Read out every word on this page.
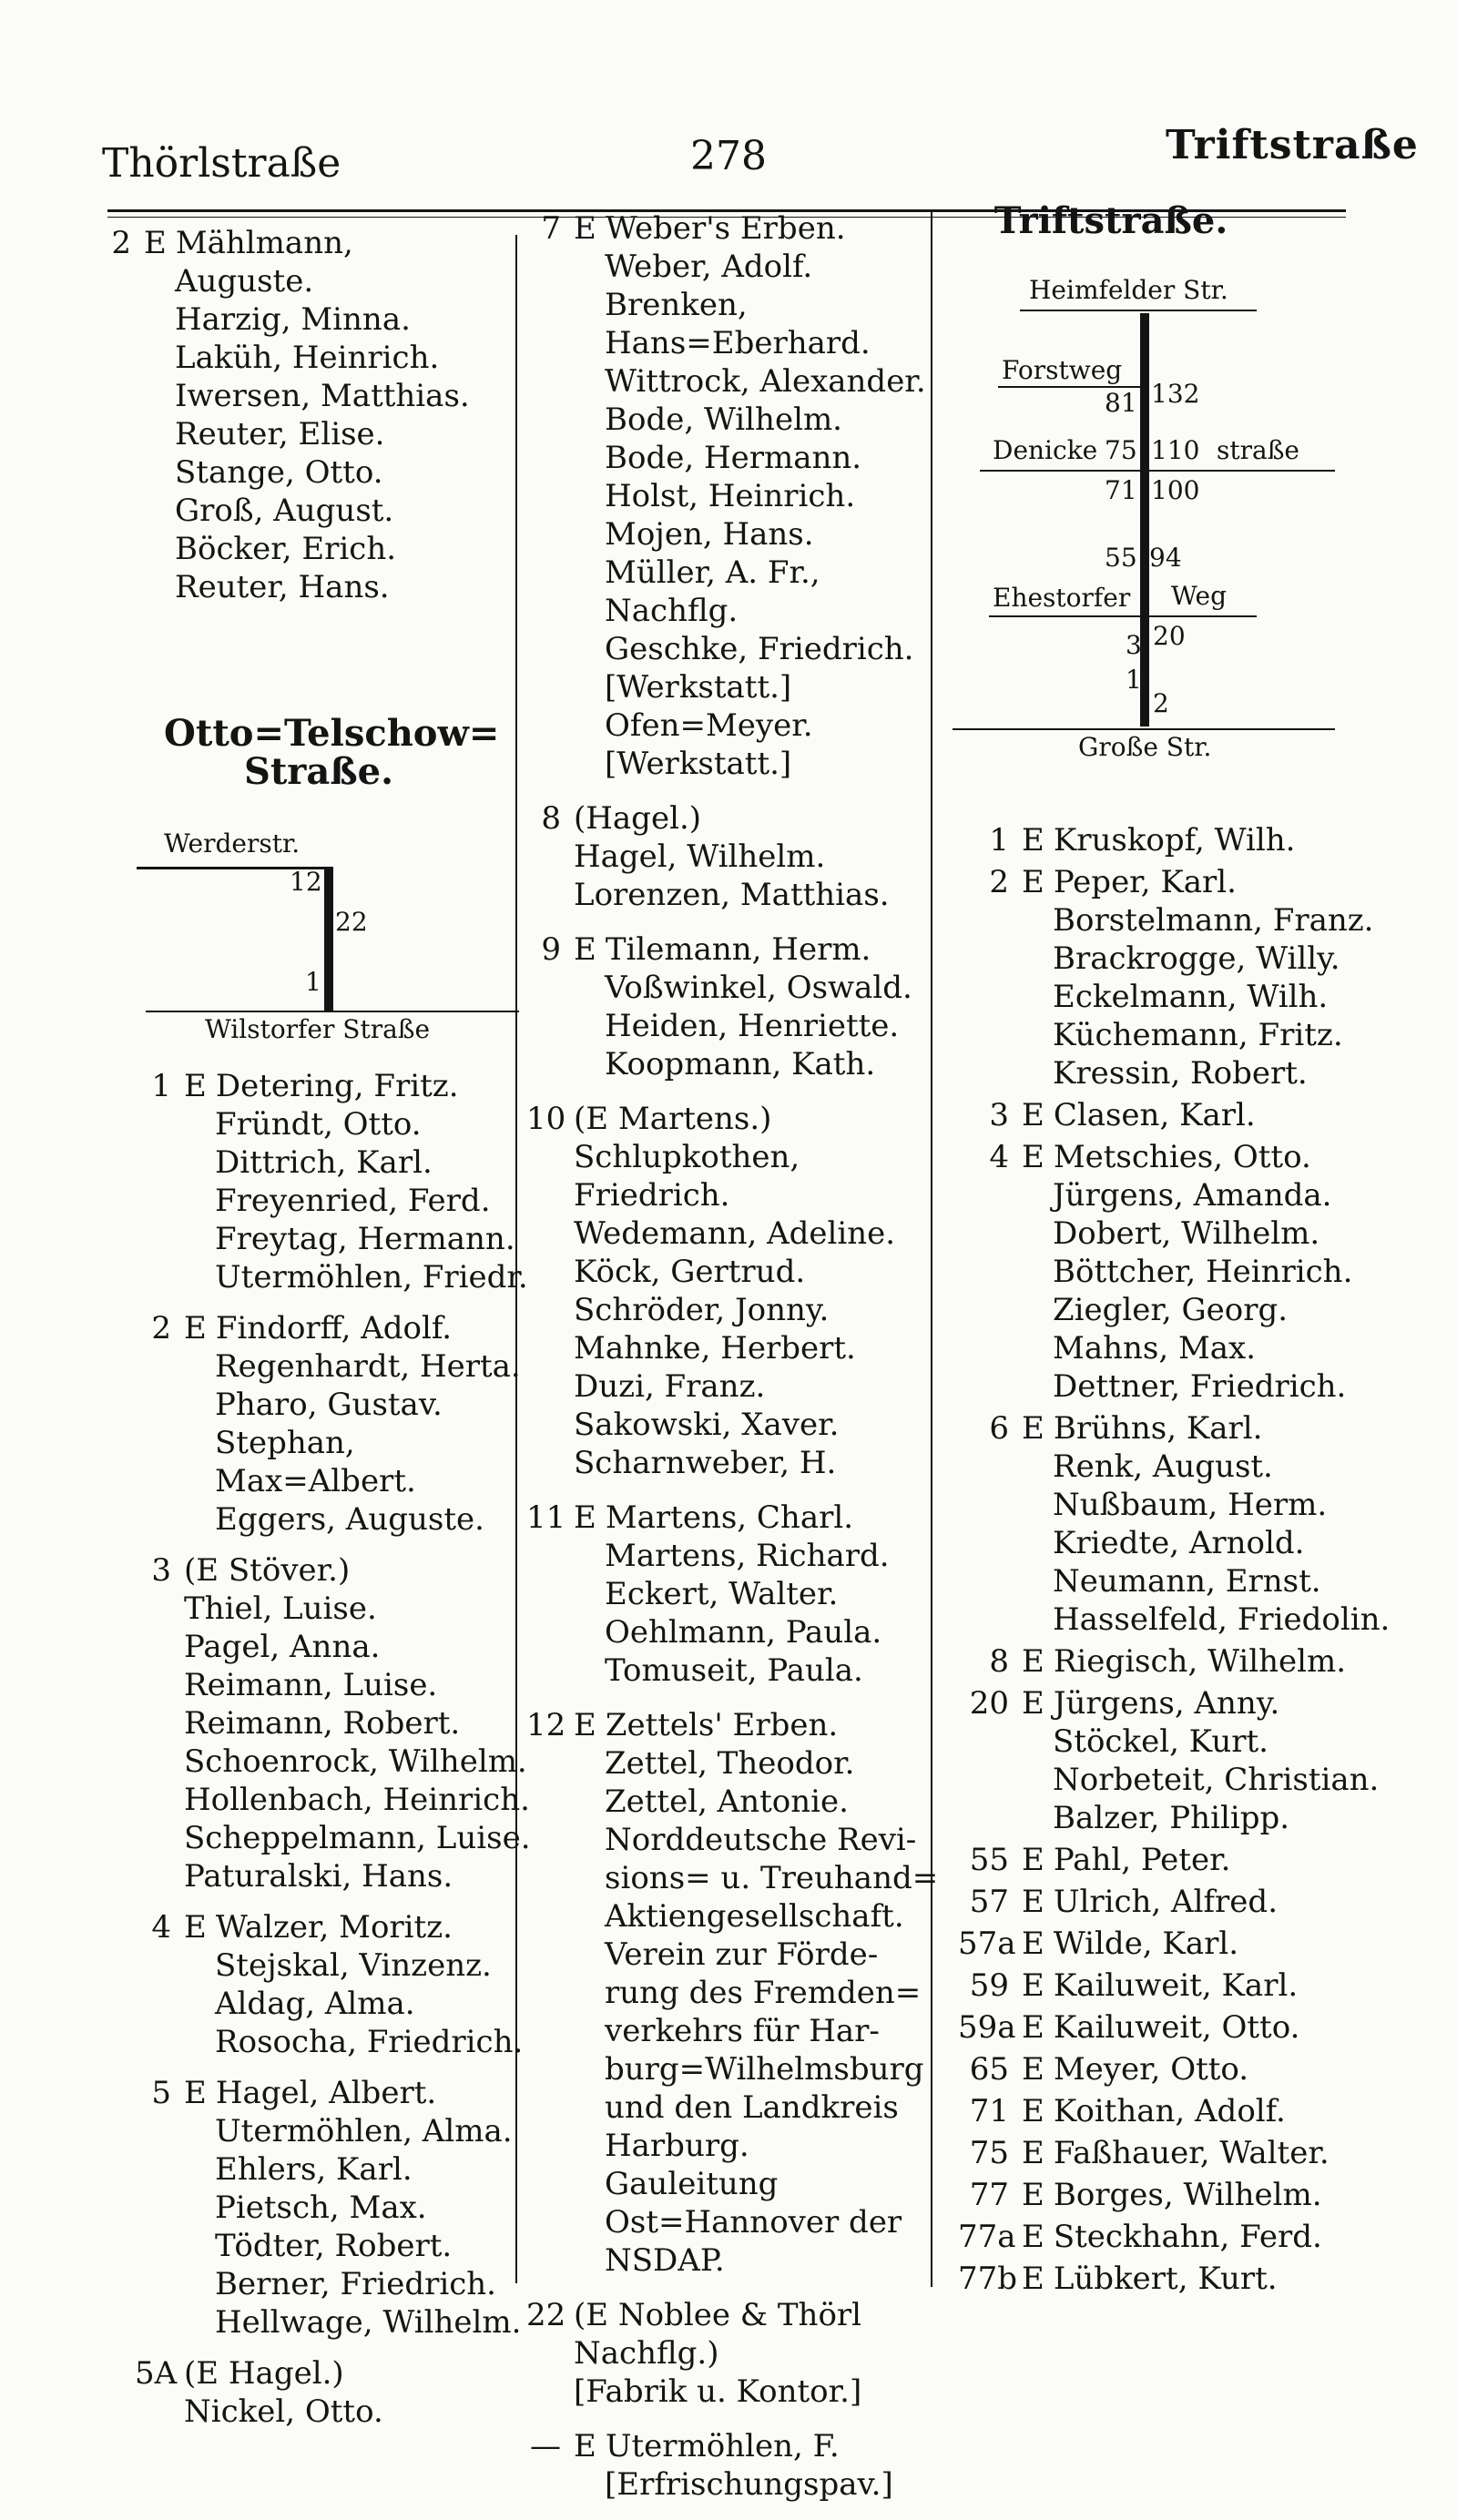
Thörlstraße	278	Triftstraße
2 E Mählmann,
Auguste.
Harzig, Minna.
Laküh, Heinrich.
Iwersen, Matthias.
Reuter, Elise.
Stange, Otto.
Groß, August.
Böcker, Erich.
Reuter, Hans.
Otto=Telschow=
Straße.
Werderstr.
12
22
1
Wilstorfer Straße
1 E Detering, Fritz.
Fründt, Otto.
Dittrich, Karl.
Freyenried, Ferd.
Freytag, Hermann.
Utermöhlen, Friedr.
2 E Findorff, Adolf.
Regenhardt, Herta.
Pharo, Gustav.
Stephan,
Max=Albert.
Eggers, Auguste.
3 (E Stöver.)
Thiel, Luise.
Pagel, Anna.
Reimann, Luise.
Reimann, Robert.
Schoenrock, Wilhelm.
Hollenbach, Heinrich.
Scheppelmann, Luise.
Paturalski, Hans.
4 E Walzer, Moritz.
Stejskal, Vinzenz.
Aldag, Alma.
Rosocha, Friedrich.
5 E Hagel, Albert.
Utermöhlen, Alma.
Ehlers, Karl.
Pietsch, Max.
Tödter, Robert.
Berner, Friedrich.
Hellwage, Wilhelm.
5A (E Hagel.)
Nickel, Otto.
7 E Weber's Erben.
Weber, Adolf.
Brenken,
Hans=Eberhard.
Wittrock, Alexander.
Bode, Wilhelm.
Bode, Hermann.
Holst, Heinrich.
Mojen, Hans.
Müller, A. Fr.,
Nachflg.
Geschke, Friedrich.
[Werkstatt.]
Ofen=Meyer.
[Werkstatt.]
8 (Hagel.)
Hagel, Wilhelm.
Lorenzen, Matthias.
9 E Tilemann, Herm.
Voßwinkel, Oswald.
Heiden, Henriette.
Koopmann, Kath.
10 (E Martens.)
Schlupkothen,
Friedrich.
Wedemann, Adeline.
Köck, Gertrud.
Schröder, Jonny.
Mahnke, Herbert.
Duzi, Franz.
Sakowski, Xaver.
Scharnweber, H.
11 E Martens, Charl.
Martens, Richard.
Eckert, Walter.
Oehlmann, Paula.
Tomuseit, Paula.
12 E Zettels' Erben.
Zettel, Theodor.
Zettel, Antonie.
Norddeutsche Revi-
sions= u. Treuhand=
Aktiengesellschaft.
Verein zur Förde-
rung des Fremden=
verkehrs für Har-
burg=Wilhelmsburg
und den Landkreis
Harburg.
Gauleitung
Ost=Hannover der
NSDAP.
22 (E Noblee & Thörl
Nachflg.)
[Fabrik u. Kontor.]
— E Utermöhlen, F.
[Erfrischungspav.]
Triftstraße.
Heimfelder Str.
Forstweg
81 132
Denicke 75 110 straße
71 100
55 94
Ehestorfer Weg
3 20
1
2
Große Str.
1 E Kruskopf, Wilh.
2 E Peper, Karl.
Borstelmann, Franz.
Brackrogge, Willy.
Eckelmann, Wilh.
Küchemann, Fritz.
Kressin, Robert.
3 E Clasen, Karl.
4 E Metschies, Otto.
Jürgens, Amanda.
Dobert, Wilhelm.
Böttcher, Heinrich.
Ziegler, Georg.
Mahns, Max.
Dettner, Friedrich.
6 E Brühns, Karl.
Renk, August.
Nußbaum, Herm.
Kriedte, Arnold.
Neumann, Ernst.
Hasselfeld, Friedolin.
8 E Riegisch, Wilhelm.
20 E Jürgens, Anny.
Stöckel, Kurt.
Norbeteit, Christian.
Balzer, Philipp.
55 E Pahl, Peter.
57 E Ulrich, Alfred.
57a E Wilde, Karl.
59 E Kailuweit, Karl.
59a E Kailuweit, Otto.
65 E Meyer, Otto.
71 E Koithan, Adolf.
75 E Faßhauer, Walter.
77 E Borges, Wilhelm.
77a E Steckhahn, Ferd.
77b E Lübkert, Kurt.
